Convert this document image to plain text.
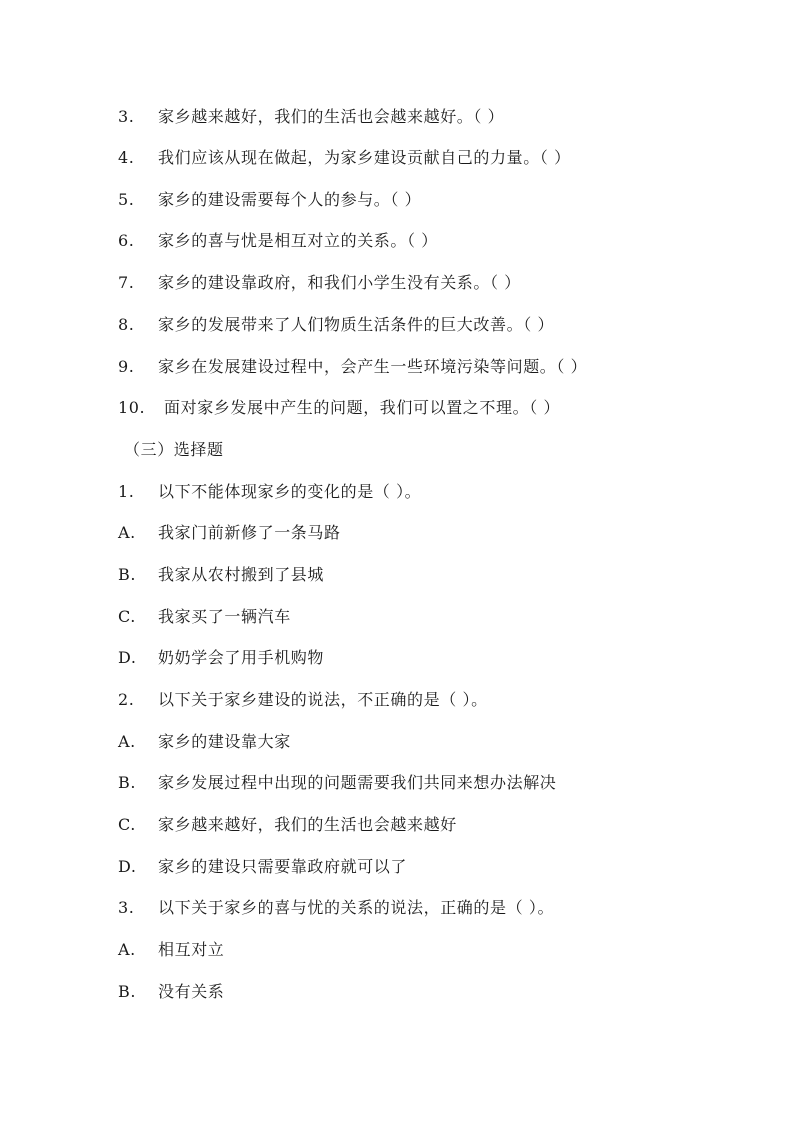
3. 家乡越来越好，我们的生活也会越来越好。（ ）
4. 我们应该从现在做起，为家乡建设贡献自己的力量。（ ）
5. 家乡的建设需要每个人的参与。（ ）
6. 家乡的喜与忧是相互对立的关系。（ ）
7. 家乡的建设靠政府，和我们小学生没有关系。（ ）
8. 家乡的发展带来了人们物质生活条件的巨大改善。（ ）
9. 家乡在发展建设过程中，会产生一些环境污染等问题。（ ）
10. 面对家乡发展中产生的问题，我们可以置之不理。（ ）
（三）选择题
1. 以下不能体现家乡的变化的是（ ）。
A. 我家门前新修了一条马路
B. 我家从农村搬到了县城
C. 我家买了一辆汽车
D. 奶奶学会了用手机购物
2. 以下关于家乡建设的说法，不正确的是（ ）。
A. 家乡的建设靠大家
B. 家乡发展过程中出现的问题需要我们共同来想办法解决
C. 家乡越来越好，我们的生活也会越来越好
D. 家乡的建设只需要靠政府就可以了
3. 以下关于家乡的喜与忧的关系的说法，正确的是（ ）。
A. 相互对立
B. 没有关系
